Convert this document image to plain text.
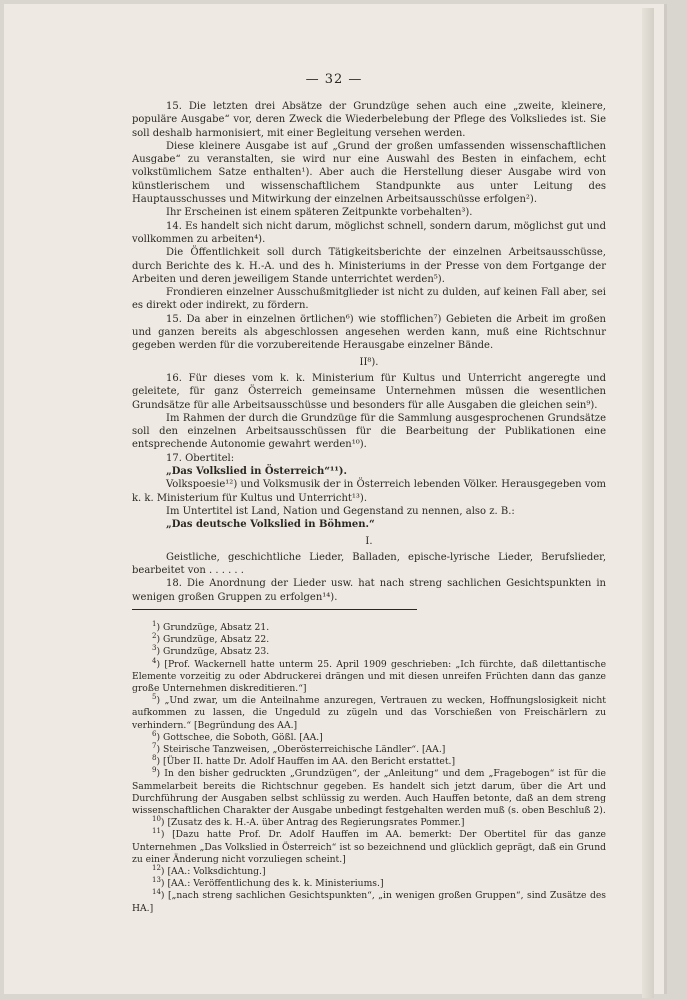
— 32 —

15. Die letzten drei Absätze der Grundzüge sehen auch eine „zweite, kleinere, populäre Ausgabe“ vor, deren Zweck die Wiederbelebung der Pflege des Volksliedes ist. Sie soll deshalb harmonisiert, mit einer Begleitung versehen werden.

Diese kleinere Ausgabe ist auf „Grund der großen umfassenden wissenschaftlichen Ausgabe“ zu veranstalten, sie wird nur eine Auswahl des Besten in einfachem, echt volkstümlichem Satze enthalten¹). Aber auch die Herstellung dieser Ausgabe wird von künstlerischem und wissenschaftlichem Standpunkte aus unter Leitung des Hauptausschusses und Mitwirkung der einzelnen Arbeitsausschüsse erfolgen²).

Ihr Erscheinen ist einem späteren Zeitpunkte vorbehalten³).

14. Es handelt sich nicht darum, möglichst schnell, sondern darum, möglichst gut und vollkommen zu arbeiten⁴).

Die Öffentlichkeit soll durch Tätigkeitsberichte der einzelnen Arbeitsausschüsse, durch Berichte des k. H.-A. und des h. Ministeriums in der Presse von dem Fortgange der Arbeiten und deren jeweiligem Stande unterrichtet werden⁵).

Frondieren einzelner Ausschußmitglieder ist nicht zu dulden, auf keinen Fall aber, sei es direkt oder indirekt, zu fördern.

15. Da aber in einzelnen örtlichen⁶) wie stofflichen⁷) Gebieten die Arbeit im großen und ganzen bereits als abgeschlossen angesehen werden kann, muß eine Richtschnur gegeben werden für die vorzubereitende Herausgabe einzelner Bände.

II⁸).

16. Für dieses vom k. k. Ministerium für Kultus und Unterricht angeregte und geleitete, für ganz Österreich gemeinsame Unternehmen müssen die wesentlichen Grundsätze für alle Arbeitsausschüsse und besonders für alle Ausgaben die gleichen sein⁹).

Im Rahmen der durch die Grundzüge für die Sammlung ausgesprochenen Grundsätze soll den einzelnen Arbeitsausschüssen für die Bearbeitung der Publikationen eine entsprechende Autonomie gewahrt werden¹⁰).

17. Obertitel:

„Das Volkslied in Österreich“¹¹).

Volkspoesie¹²) und Volksmusik der in Österreich lebenden Völker. Herausgegeben vom k. k. Ministerium für Kultus und Unterricht¹³).

Im Untertitel ist Land, Nation und Gegenstand zu nennen, also z. B.:

„Das deutsche Volkslied in Böhmen.“

I.

Geistliche, geschichtliche Lieder, Balladen, epische-lyrische Lieder, Berufslieder, bearbeitet von . . . . . .

18. Die Anordnung der Lieder usw. hat nach streng sachlichen Gesichtspunkten in wenigen großen Gruppen zu erfolgen¹⁴).

$^1$) Grundzüge, Absatz 21.

$^2$) Grundzüge, Absatz 22.

$^3$) Grundzüge, Absatz 23.

$^4$) [Prof. Wackernell hatte unterm 25. April 1909 geschrieben: „Ich fürchte, daß dilettantische Elemente vorzeitig zu oder Abdruckerei drängen und mit diesen unreifen Früchten dann das ganze große Unternehmen diskreditieren.“]

$^5$) „Und zwar, um die Anteilnahme anzuregen, Vertrauen zu wecken, Hoffnungslosigkeit nicht aufkommen zu lassen, die Ungeduld zu zügeln und das Vorschießen von Freischärlern zu verhindern.“ [Begründung des AA.]

$^6$) Gottschee, die Soboth, Gößl. [AA.]

$^7$) Steirische Tanzweisen, „Oberösterreichische Ländler“. [AA.]

$^8$) [Über II. hatte Dr. Adolf Hauffen im AA. den Bericht erstattet.]

$^9$) In den bisher gedruckten „Grundzügen“, der „Anleitung“ und dem „Fragebogen“ ist für die Sammelarbeit bereits die Richtschnur gegeben. Es handelt sich jetzt darum, über die Art und Durchführung der Ausgaben selbst schlüssig zu werden. Auch Hauffen betonte, daß an dem streng wissenschaftlichen Charakter der Ausgabe unbedingt festgehalten werden muß (s. oben Beschluß 2).

$^{10}$) [Zusatz des k. H.-A. über Antrag des Regierungsrates Pommer.]

$^{11}$) [Dazu hatte Prof. Dr. Adolf Hauffen im AA. bemerkt: Der Obertitel für das ganze Unternehmen „Das Volkslied in Österreich“ ist so bezeichnend und glücklich geprägt, daß ein Grund zu einer Änderung nicht vorzuliegen scheint.]

$^{12}$) [AA.: Volksdichtung.]

$^{13}$) [AA.: Veröffentlichung des k. k. Ministeriums.]

$^{14}$) [„nach streng sachlichen Gesichtspunkten“, „in wenigen großen Gruppen“, sind Zusätze des HA.]
